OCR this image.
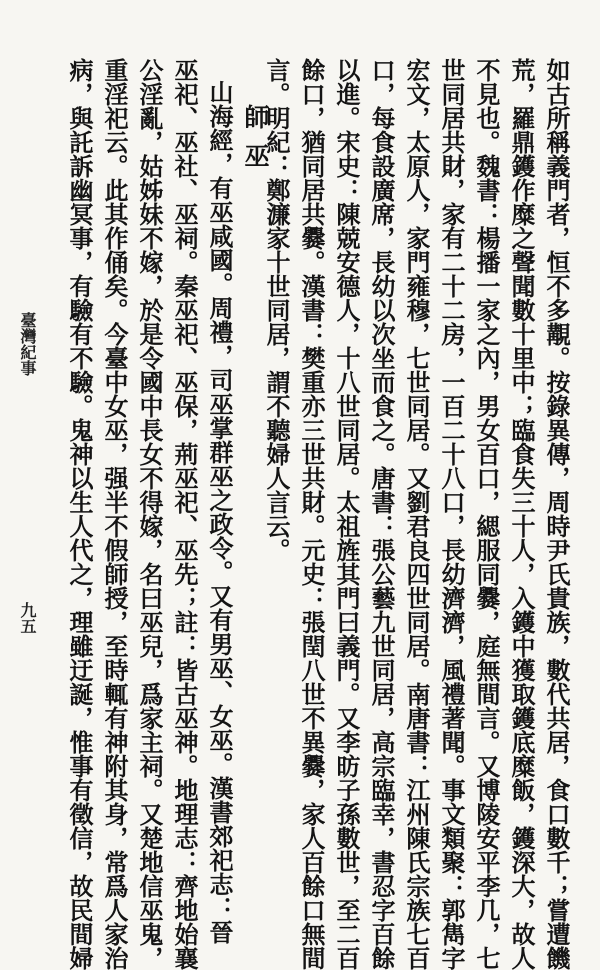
如古所稱義門者，恒不多覯。按錄異傳，周時尹氏貴族，數代共居，食口數千；嘗遭饑
荒，羅鼎鑊作糜之聲聞數十里中；臨食失三十人，入鑊中獲取鑊底糜飯，鑊深大，故人
不見也。魏書：楊播一家之內，男女百口，緦服同爨，庭無間言。又博陵安平李几，七
世同居共財，家有二十二房，一百二十八口，長幼濟濟，風禮著聞。事文類聚：郭雋字
宏文，太原人，家門雍穆，七世同居。又劉君良四世同居。南唐書：江州陳氏宗族七百
口，每食設廣席，長幼以次坐而食之。唐書：張公藝九世同居，高宗臨幸，書忍字百餘
以進。宋史：陳兢安德人，十八世同居。太祖旌其門曰義門。又李昉子孫數世，至二百
餘口，猶同居共爨。漢書：樊重亦三世共財。元史：張閏八世不異爨，家人百餘口無間
言。明紀：鄭濂家十世同居，謂不聽婦人言云。
師巫
山海經，有巫咸國。周禮，司巫掌群巫之政令。又有男巫、女巫。漢書郊祀志：晉
巫祀、巫社、巫祠。秦巫祀、巫保，荊巫祀、巫先；註：皆古巫神。地理志：齊地始襄
公淫亂，姑姊妹不嫁，於是令國中長女不得嫁，名曰巫兒，爲家主祠。又楚地信巫鬼，
重淫祀云。此其作俑矣。今臺中女巫，强半不假師授，至時輒有神附其身，常爲人家治
病，與託訴幽冥事，有驗有不驗。鬼神以生人代之，理雖迂誕，惟事有徵信，故民間婦
臺灣紀事
九五
